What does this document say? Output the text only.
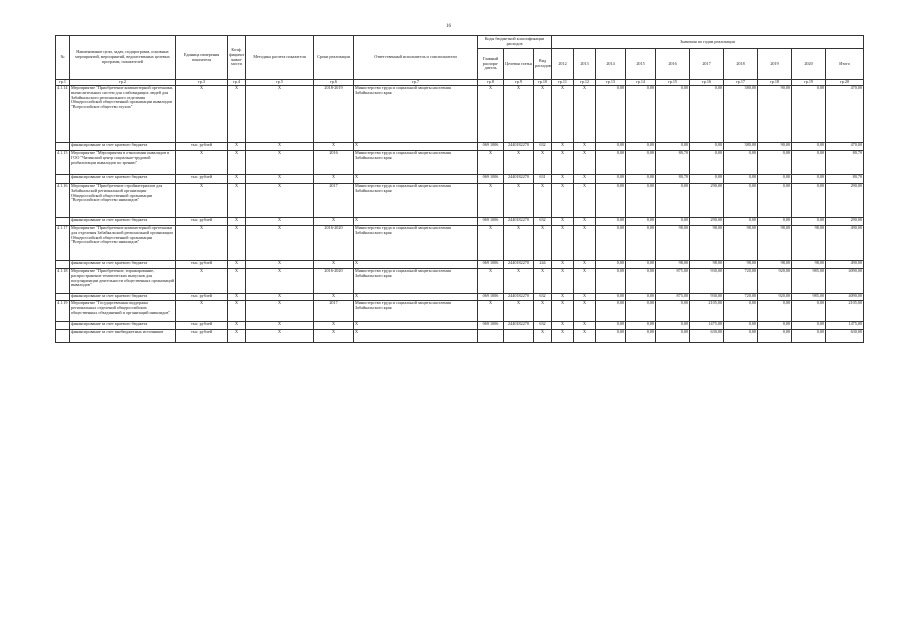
16
№	Наименование цели, задач, подпрограмм, основных мероприятий, мероприятий, ведомственных целевых программ, показателей	Единица измерения показателя	Коэф. фициент значи-мости	Методика расчета показателя	Сроки реализации	Ответственный исполнитель и соисполнители	Коды бюджетной классификации расходов			Значения по годам реализации									
							Главный распоря-дитель	Целевая статья	Вид расходов	2012	2013	2014	2015	2016	2017	2018	2019	2020	Итого
гр.1	гр.2	гр.3	гр.4	гр.5	гр.6	гр.7	гр.8	гр.9	гр.10	гр.11	гр.12	гр.13	гр.14	гр.15	гр.16	гр.17	гр.18	гр.19	гр.20
4.1.14	Мероприятие "Приобретение компьютерной оргтехники, вычислительных систем для слабовидящих людей для Забайкальского регионального отделения Общероссийской общественной организации инвалидов "Всероссийское общество глухих"	X	X	X	2018-2019	Министерство труда и социальной защиты населения Забайкальского края	X	X	X	X	X	0,00	0,00	0,00	0,00	380,00	90,00	0,00	470,00
	финансирование за счет краевого бюджета	тыс. рублей	X	X	X	X	069 1006	2440182270	632	X	X	0,00	0,00	0,00	0,00	380,00	90,00	0,00	470,00
4.1.15	Мероприятие "Мероприятия в отношении инвалидов в ГОО "Читинский центр социально-трудовой реабилитации инвалидов по зрению"	X	X	X	2016	Министерство труда и социальной защиты населения Забайкальского края	X	X	X	X	X	0,00	0,00	80,70	0,00	0,00	0,00	0,00	80,70
	финансирование за счет краевого бюджета	тыс. рублей	X	X	X	X	069 1006	2440182270	631	X	X	0,00	0,00	80,70	0,00	0,00	0,00	0,00	80,70
4.1.16	Мероприятие "Приобретение стройматериалов для Забайкальской региональной организации Общероссийской общественной организации "Всероссийское общество инвалидов"	X	X	X	2017	Министерство труда и социальной защиты населения Забайкальского края	X	X	X	X	X	0,00	0,00	0,00	290,00	0,00	0,00	0,00	290,00
	финансирование за счет краевого бюджета	тыс. рублей	X	X	X	X	069 1006	2440182270	632	X	X	0,00	0,00	0,00	290,00	0,00	0,00	0,00	290,00
4.1.17	Мероприятие "Приобретение компьютерной оргтехники для отделения Забайкальской региональной организации Общероссийской общественной организации "Всероссийское общество инвалидов"	X	X	X	2016-2020	Министерство труда и социальной защиты населения Забайкальского края	X	X	X	X	X	0,00	0,00	98,00	98,00	98,00	98,00	98,00	490,00
	финансирование за счет краевого бюджета	тыс. рублей	X	X	X	X	069 1006	2440182270	244	X	X	0,00	0,00	98,00	98,00	98,00	98,00	98,00	490,00
4.1.18	Мероприятие "Приобретение, тиражирование, распространение тематических выпусков для популяризации деятельности общественных организаций инвалидов"	X	X	X	2016-2020	Министерство труда и социальной защиты населения Забайкальского края	X	X	X	X	X	0,00	0,00	875,00	930,00	720,00	920,00	985,00	4090,00
	финансирование за счет краевого бюджета	тыс. рублей	X	X	X	X	069 1006	2440182270	632	X	X	0,00	0,00	875,00	930,00	720,00	920,00	985,00	4090,00
4.1.19	Мероприятие "Государственная поддержка региональных отделений общероссийских общественных объединений и организаций инвалидов"	X	X	X	2017	Министерство труда и социальной защиты населения Забайкальского края	X	X	X	X	X	0,00	0,00	0,00	2105,00	0,00	0,00	0,00	2105,00
	финансирование за счет краевого бюджета	тыс. рублей	X	X	X	X	069 1006	2440182270	632	X	X	0,00	0,00	0,00	1475,00	0,00	0,00	0,00	1475,00
	финансирование за счет внебюджетных источников	тыс. рублей	X	X	X	X			X	X	X	0,00	0,00	0,00	630,00	0,00	0,00	0,00	630,00
